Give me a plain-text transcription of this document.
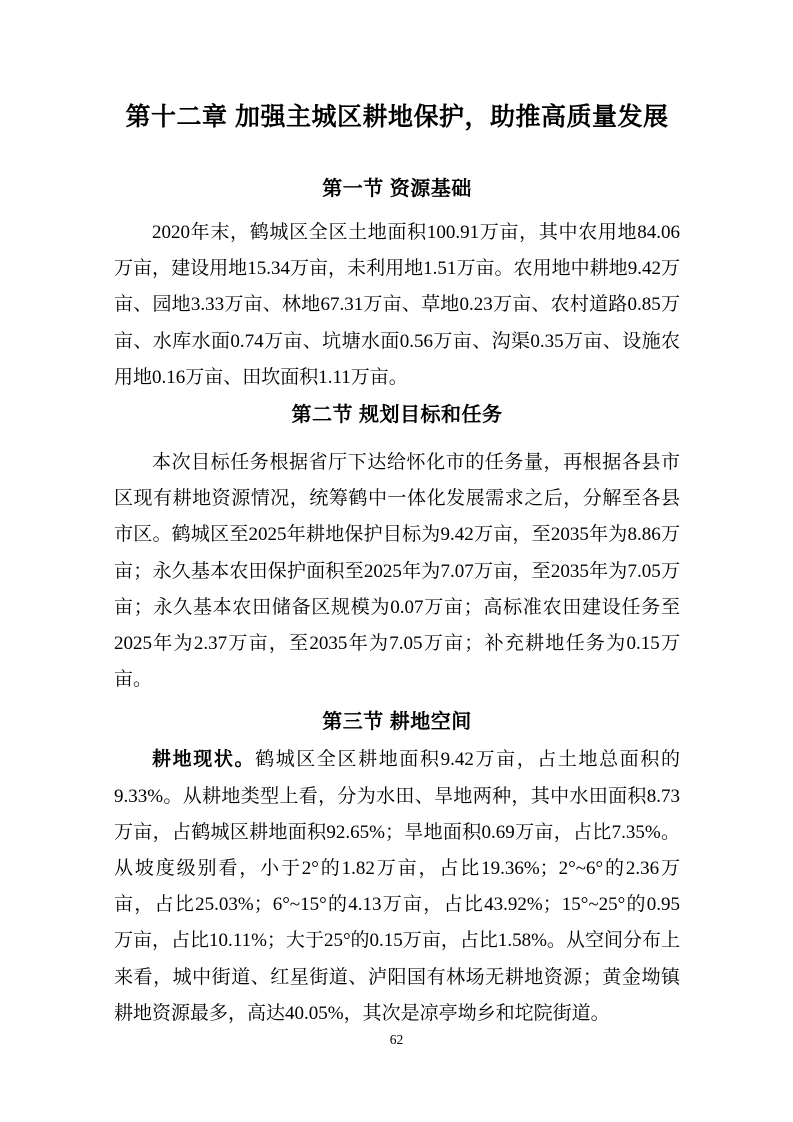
第十二章 加强主城区耕地保护，助推高质量发展
第一节 资源基础

2020年末，鹤城区全区土地面积100.91万亩，其中农用地84.06万亩，建设用地15.34万亩，未利用地1.51万亩。农用地中耕地9.42万亩、园地3.33万亩、林地67.31万亩、草地0.23万亩、农村道路0.85万亩、水库水面0.74万亩、坑塘水面0.56万亩、沟渠0.35万亩、设施农用地0.16万亩、田坎面积1.11万亩。

第二节 规划目标和任务

本次目标任务根据省厅下达给怀化市的任务量，再根据各县市区现有耕地资源情况，统筹鹤中一体化发展需求之后，分解至各县市区。鹤城区至2025年耕地保护目标为9.42万亩，至2035年为8.86万亩；永久基本农田保护面积至2025年为7.07万亩，至2035年为7.05万亩；永久基本农田储备区规模为0.07万亩；高标准农田建设任务至2025年为2.37万亩，至2035年为7.05万亩；补充耕地任务为0.15万亩。

第三节 耕地空间

耕地现状。鹤城区全区耕地面积9.42万亩，占土地总面积的9.33%。从耕地类型上看，分为水田、旱地两种，其中水田面积8.73万亩，占鹤城区耕地面积92.65%；旱地面积0.69万亩，占比7.35%。从坡度级别看，小于2°的1.82万亩，占比19.36%；2°~6°的2.36万亩，占比25.03%；6°~15°的4.13万亩，占比43.92%；15°~25°的0.95万亩，占比10.11%；大于25°的0.15万亩，占比1.58%。从空间分布上来看，城中街道、红星街道、泸阳国有林场无耕地资源；黄金坳镇耕地资源最多，高达40.05%，其次是凉亭坳乡和坨院街道。

62
